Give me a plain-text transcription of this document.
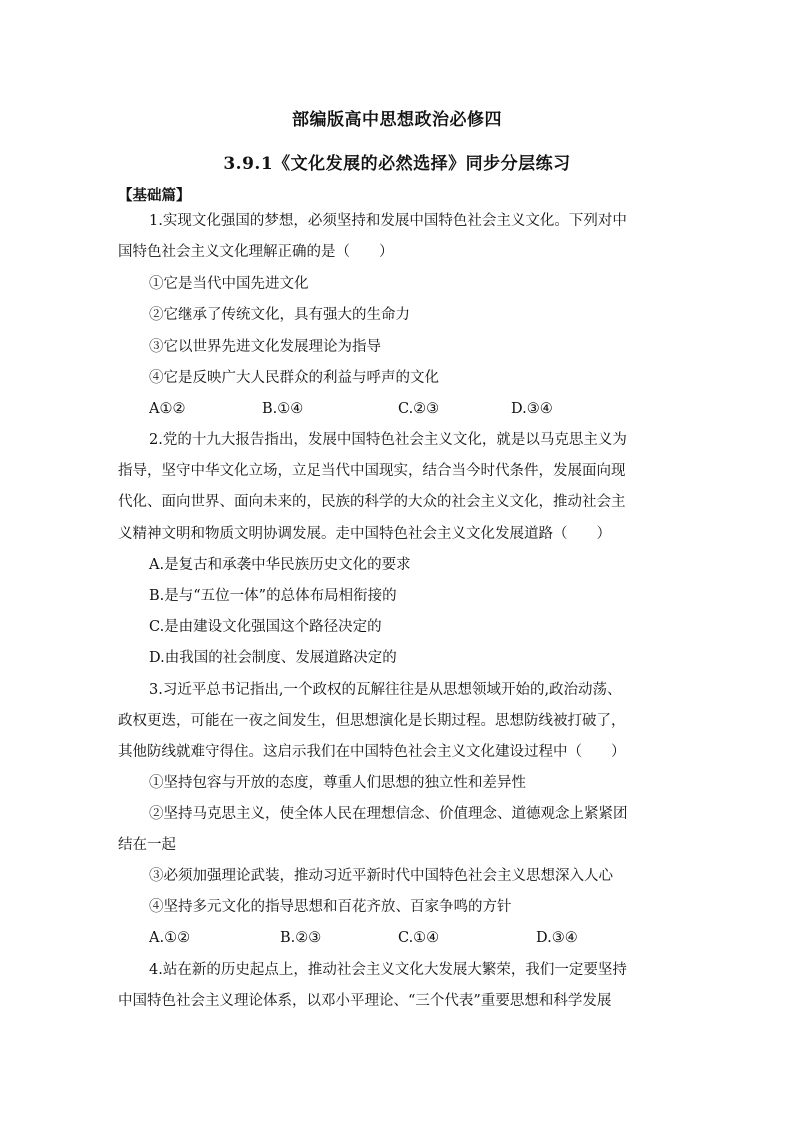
部编版高中思想政治必修四
3.9.1《文化发展的必然选择》同步分层练习
【基础篇】
1.实现文化强国的梦想，必须坚持和发展中国特色社会主义文化。下列对中
国特色社会主义文化理解正确的是（　　）
①它是当代中国先进文化
②它继承了传统文化，具有强大的生命力
③它以世界先进文化发展理论为指导
④它是反映广大人民群众的利益与呼声的文化
A①②	B.①④	C.②③	D.③④
2.党的十九大报告指出，发展中国特色社会主义文化，就是以马克思主义为
指导，坚守中华文化立场，立足当代中国现实，结合当今时代条件，发展面向现
代化、面向世界、面向未来的，民族的科学的大众的社会主义文化，推动社会主
义精神文明和物质文明协调发展。走中国特色社会主义文化发展道路（　　）
A.是复古和承袭中华民族历史文化的要求
B.是与“五位一体”的总体布局相衔接的
C.是由建设文化强国这个路径决定的
D.由我国的社会制度、发展道路决定的
3.习近平总书记指出,一个政权的瓦解往往是从思想领域开始的,政治动荡、
政权更迭，可能在一夜之间发生，但思想演化是长期过程。思想防线被打破了，
其他防线就难守得住。这启示我们在中国特色社会主义文化建设过程中（　　）
①坚持包容与开放的态度，尊重人们思想的独立性和差异性
②坚持马克思主义，使全体人民在理想信念、价值理念、道德观念上紧紧团
结在一起
③必须加强理论武装，推动习近平新时代中国特色社会主义思想深入人心
④坚持多元文化的指导思想和百花齐放、百家争鸣的方针
A.①②	B.②③	C.①④	D.③④
4.站在新的历史起点上，推动社会主义文化大发展大繁荣，我们一定要坚持
中国特色社会主义理论体系，以邓小平理论、“三个代表”重要思想和科学发展
